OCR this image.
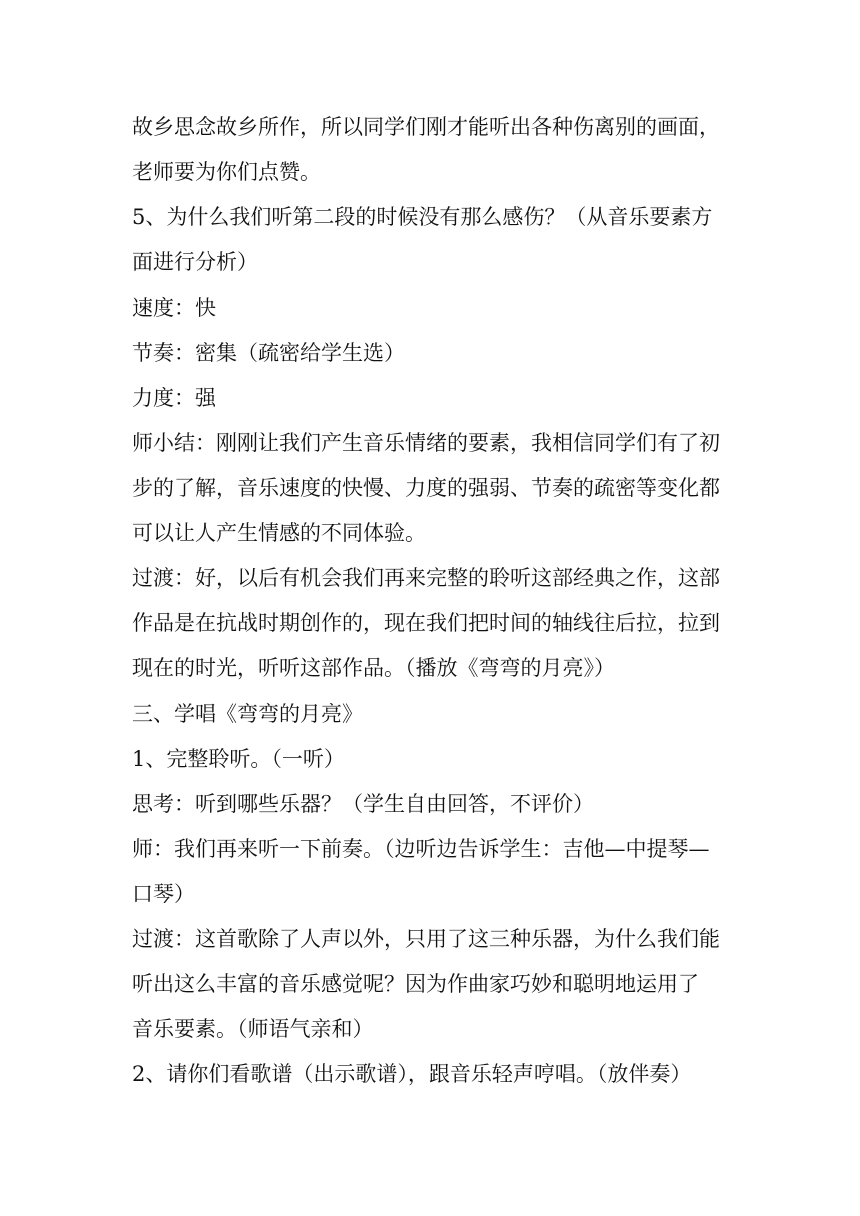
故乡思念故乡所作，所以同学们刚才能听出各种伤离别的画面，
老师要为你们点赞。
5、为什么我们听第二段的时候没有那么感伤？（从音乐要素方
面进行分析）
速度：快
节奏：密集（疏密给学生选）
力度：强
师小结：刚刚让我们产生音乐情绪的要素，我相信同学们有了初
步的了解，音乐速度的快慢、力度的强弱、节奏的疏密等变化都
可以让人产生情感的不同体验。
过渡：好，以后有机会我们再来完整的聆听这部经典之作，这部
作品是在抗战时期创作的，现在我们把时间的轴线往后拉，拉到
现在的时光，听听这部作品。（播放《弯弯的月亮》）
三、学唱《弯弯的月亮》
1、完整聆听。（一听）
思考：听到哪些乐器？（学生自由回答，不评价）
师：我们再来听一下前奏。（边听边告诉学生：吉他—中提琴—
口琴）
过渡：这首歌除了人声以外，只用了这三种乐器，为什么我们能
听出这么丰富的音乐感觉呢？因为作曲家巧妙和聪明地运用了
音乐要素。（师语气亲和）
2、请你们看歌谱（出示歌谱），跟音乐轻声哼唱。（放伴奏）
